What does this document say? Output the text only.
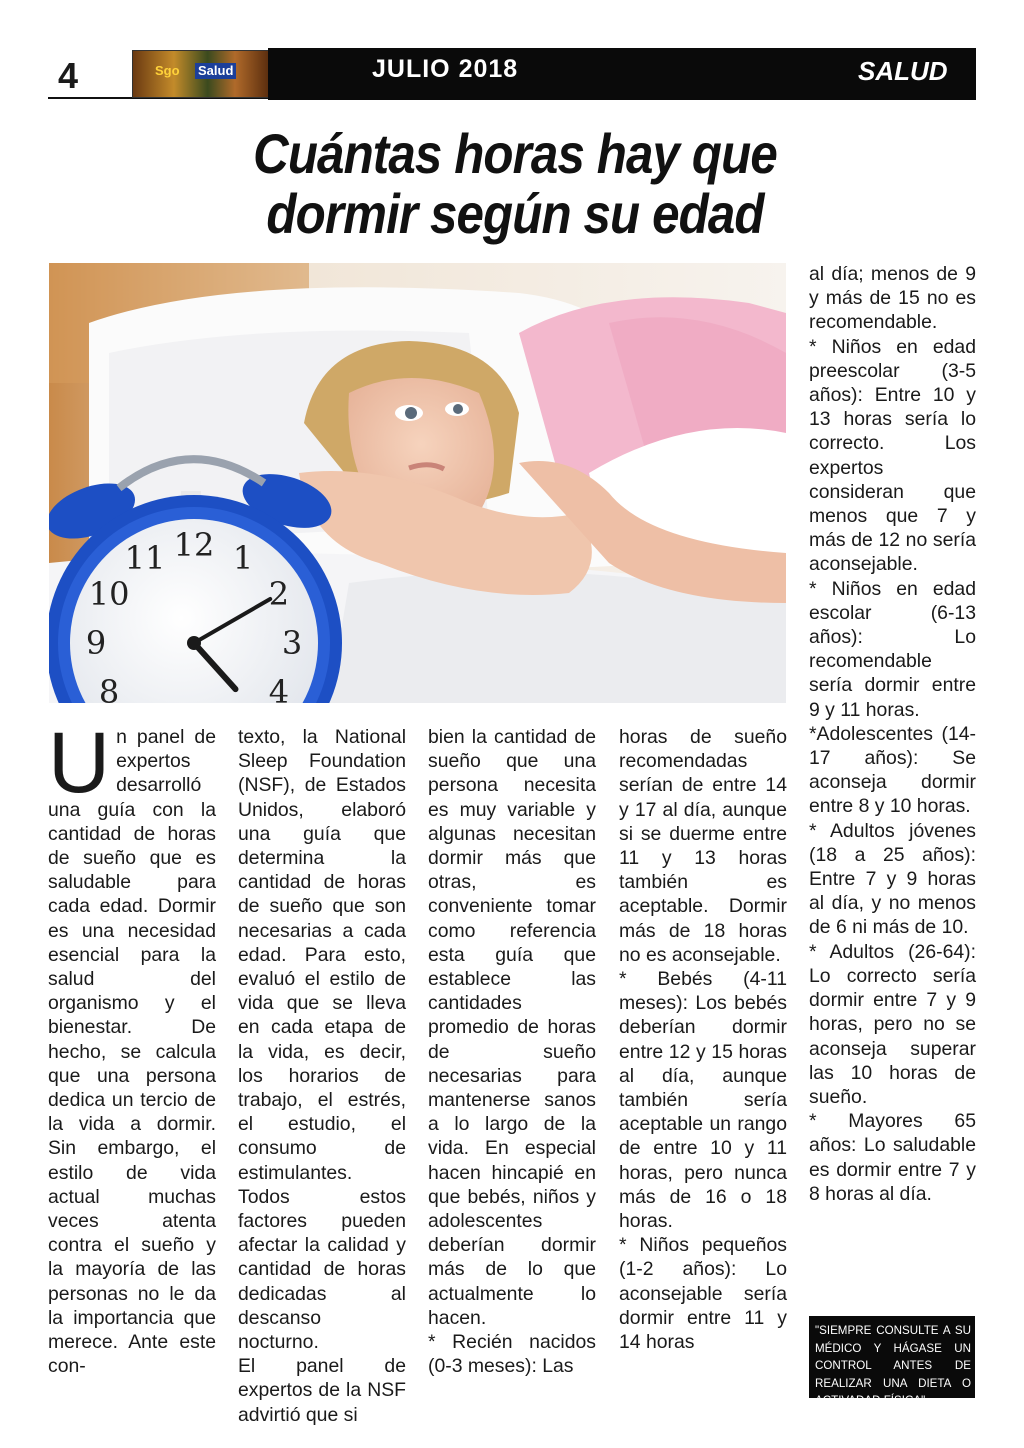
4	Sgo Salud	JULIO 2018	SALUD
Cuántas horas hay que
dormir según su edad
12 1
2
3
4
8
9
10
11

Un panel de expertos desarrolló una guía con la cantidad de horas de sueño que es saludable para cada edad. Dormir es una necesidad esencial para la salud del organismo y el bienestar. De hecho, se calcula que una persona dedica un tercio de la vida a dormir. Sin embargo, el estilo de vida actual muchas veces atenta contra el sueño y la mayoría de las personas no le da la importancia que merece. Ante este con-

texto, la National Sleep Foundation (NSF), de Estados Unidos, elaboró una guía que determina la cantidad de horas de sueño que son necesarias a cada edad. Para esto, evaluó el estilo de vida que se lleva en cada etapa de la vida, es decir, los horarios de trabajo, el estrés, el estudio, el consumo de estimulantes. Todos estos factores pueden afectar la calidad y cantidad de horas dedicadas al descanso nocturno.

El panel de expertos de la NSF advirtió que si

bien la cantidad de sueño que una persona necesita es muy variable y algunas necesitan dormir más que otras, es conveniente tomar como referencia esta guía que establece las cantidades promedio de horas de sueño necesarias para mantenerse sanos a lo largo de la vida. En especial hacen hincapié en que bebés, niños y adolescentes deberían dormir más de lo que actualmente lo hacen.

* Recién nacidos (0-3 meses): Las

horas de sueño recomendadas serían de entre 14 y 17 al día, aunque si se duerme entre 11 y 13 horas también es aceptable. Dormir más de 18 horas no es aconsejable.

* Bebés (4-11 meses): Los bebés deberían dormir entre 12 y 15 horas al día, aunque también sería aceptable un rango de entre 10 y 11 horas, pero nunca más de 16 o 18 horas.

* Niños pequeños (1-2 años): Lo aconsejable sería dormir entre 11 y 14 horas

al día; menos de 9 y más de 15 no es recomendable.

* Niños en edad preescolar (3-5 años): Entre 10 y 13 horas sería lo correcto. Los expertos consideran que menos que 7 y más de 12 no sería aconsejable.

* Niños en edad escolar (6-13 años): Lo recomendable sería dormir entre 9 y 11 horas.

*Adolescentes (14-17 años): Se aconseja dormir entre 8 y 10 horas.

* Adultos jóvenes (18 a 25 años): Entre 7 y 9 horas al día, y no menos de 6 ni más de 10.

* Adultos (26-64): Lo correcto sería dormir entre 7 y 9 horas, pero no se aconseja superar las 10 horas de sueño.

* Mayores 65 años: Lo saludable es dormir entre 7 y 8 horas al día.

"SIEMPRE CONSULTE A SU MÉDICO Y HÁGASE UN CONTROL ANTES DE REALIZAR UNA DIETA O ACTIVADAD FÍSICA"
